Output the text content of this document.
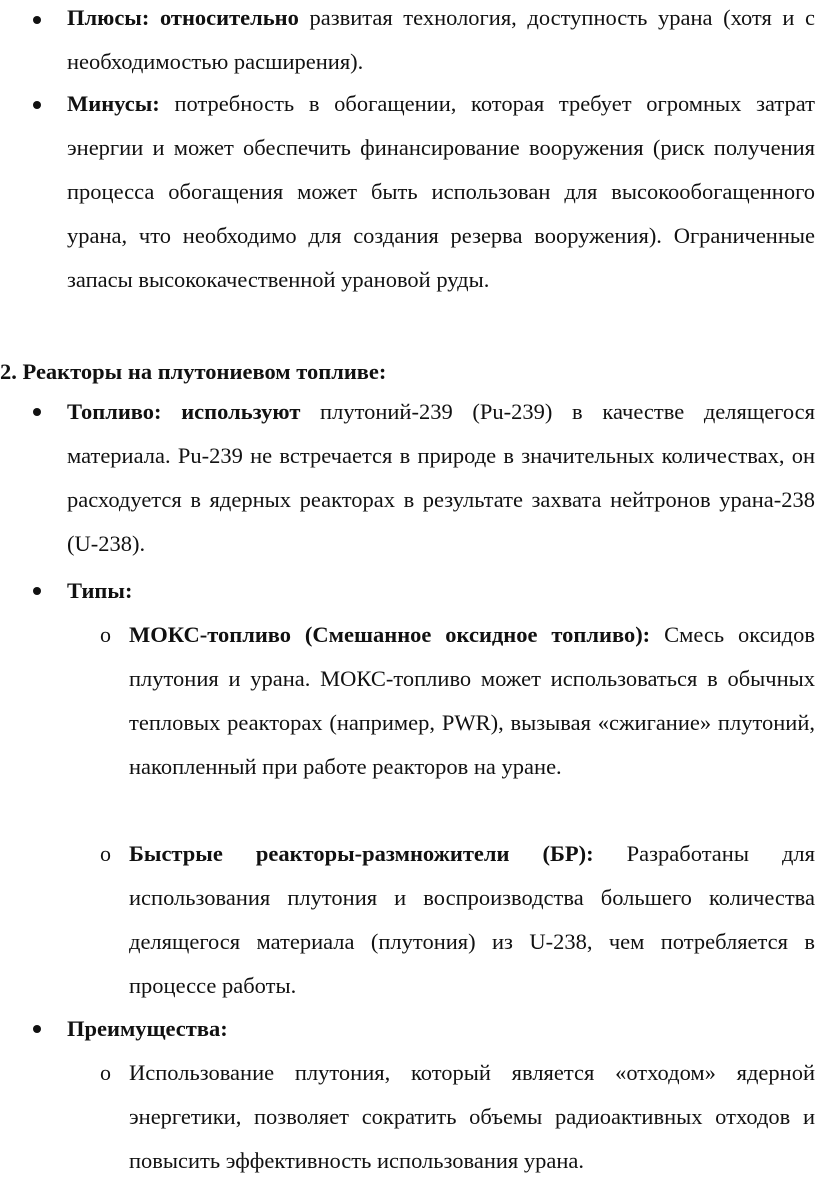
Плюсы: относительно развитая технология, доступность урана (хотя и с необходимостью расширения).
Минусы: потребность в обогащении, которая требует огромных затрат энергии и может обеспечить финансирование вооружения (риск получения процесса обогащения может быть использован для высокообогащенного урана, что необходимо для создания резерва вооружения). Ограниченные запасы высококачественной урановой руды.
2. Реакторы на плутониевом топливе:
Топливо: используют плутоний-239 (Pu-239) в качестве делящегося материала. Pu-239 не встречается в природе в значительных количествах, он расходуется в ядерных реакторах в результате захвата нейтронов урана-238 (U-238).
Типы:
o МОКС-топливо (Смешанное оксидное топливо): Смесь оксидов плутония и урана. МОКС-топливо может использоваться в обычных тепловых реакторах (например, PWR), вызывая «сжигание» плутоний, накопленный при работе реакторов на уране.
o Быстрые реакторы-размножители (БР): Разработаны для использования плутония и воспроизводства большего количества делящегося материала (плутония) из U-238, чем потребляется в процессе работы.
Преимущества:
o Использование плутония, который является «отходом» ядерной энергетики, позволяет сократить объемы радиоактивных отходов и повысить эффективность использования урана.
